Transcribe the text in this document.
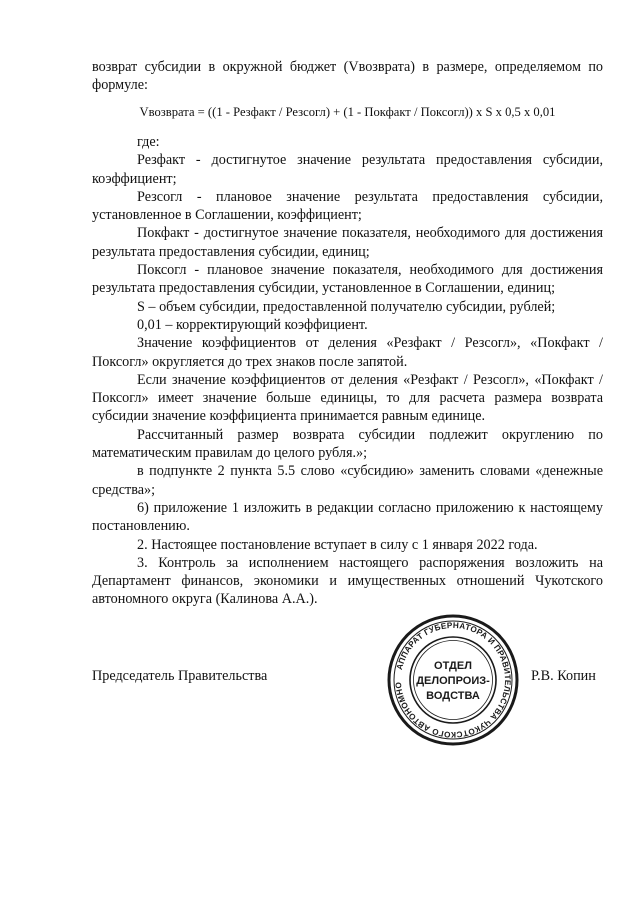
возврат субсидии в окружной бюджет (Vвозврата) в размере, определяемом по

формуле:

Vвозврата = ((1 - Резфакт / Резсогл) + (1 - Покфакт / Поксогл)) x S x 0,5 x 0,01

где:

Резфакт - достигнутое значение результата предоставления субсидии, коэффициент;

Резсогл - плановое значение результата предоставления субсидии, установленное в Соглашении, коэффициент;

Покфакт - достигнутое значение показателя, необходимого для достижения результата предоставления субсидии, единиц;

Поксогл - плановое значение показателя, необходимого для достижения результата предоставления субсидии, установленное в Соглашении, единиц;

S – объем субсидии, предоставленной получателю субсидии, рублей;

0,01 – корректирующий коэффициент.

Значение коэффициентов от деления «Резфакт / Резсогл», «Покфакт / Поксогл» округляется до трех знаков после запятой.

Если значение коэффициентов от деления «Резфакт / Резсогл», «Покфакт / Поксогл» имеет значение больше единицы, то для расчета размера возврата субсидии значение коэффициента принимается равным единице.

Рассчитанный размер возврата субсидии подлежит округлению по математическим правилам до целого рубля.»;

в подпункте 2 пункта 5.5 слово «субсидию» заменить словами «денежные средства»;

6) приложение 1 изложить в редакции согласно приложению к настоящему постановлению.

2. Настоящее постановление вступает в силу с 1 января 2022 года.

3. Контроль за исполнением настоящего распоряжения возложить на Департамент финансов, экономики и имущественных отношений Чукотского автономного округа (Калинова А.А.).

Председатель Правительства	Р.В. Копин
АППАРАТ ГУБЕРНАТОРА И ПРАВИТЕЛЬСТВА ЧУКОТСКОГО АВТОНОМНО
ОТДЕЛ
ДЕЛОПРОИЗ-
ВОДСТВА
